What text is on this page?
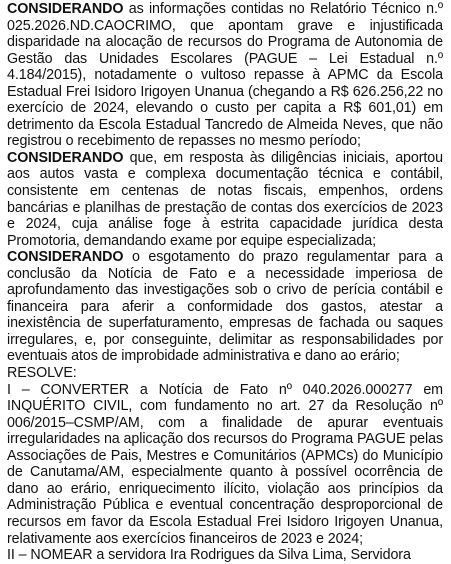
CONSIDERANDO as informações contidas no Relatório Técnico n.º 025.2026.ND.CAOCRIMO, que apontam grave e injustificada disparidade na alocação de recursos do Programa de Autonomia de Gestão das Unidades Escolares (PAGUE – Lei Estadual n.º 4.184/2015), notadamente o vultoso repasse à APMC da Escola Estadual Frei Isidoro Irigoyen Unanua (chegando a R$ 626.256,22 no exercício de 2024, elevando o custo per capita a R$ 601,01) em detrimento da Escola Estadual Tancredo de Almeida Neves, que não registrou o recebimento de repasses no mesmo período;

CONSIDERANDO que, em resposta às diligências iniciais, aportou aos autos vasta e complexa documentação técnica e contábil, consistente em centenas de notas fiscais, empenhos, ordens bancárias e planilhas de prestação de contas dos exercícios de 2023 e 2024, cuja análise foge à estrita capacidade jurídica desta Promotoria, demandando exame por equipe especializada;

CONSIDERANDO o esgotamento do prazo regulamentar para a conclusão da Notícia de Fato e a necessidade imperiosa de aprofundamento das investigações sob o crivo de perícia contábil e financeira para aferir a conformidade dos gastos, atestar a inexistência de superfaturamento, empresas de fachada ou saques irregulares, e, por conseguinte, delimitar as responsabilidades por eventuais atos de improbidade administrativa e dano ao erário;

RESOLVE:

I – CONVERTER a Notícia de Fato nº 040.2026.000277 em INQUÉRITO CIVIL, com fundamento no art. 27 da Resolução nº 006/2015–CSMP/AM, com a finalidade de apurar eventuais irregularidades na aplicação dos recursos do Programa PAGUE pelas Associações de Pais, Mestres e Comunitários (APMCs) do Município de Canutama/AM, especialmente quanto à possível ocorrência de dano ao erário, enriquecimento ilícito, violação aos princípios da Administração Pública e eventual concentração desproporcional de recursos em favor da Escola Estadual Frei Isidoro Irigoyen Unanua, relativamente aos exercícios financeiros de 2023 e 2024;

II – NOMEAR a servidora Ira Rodrigues da Silva Lima, Servidora
